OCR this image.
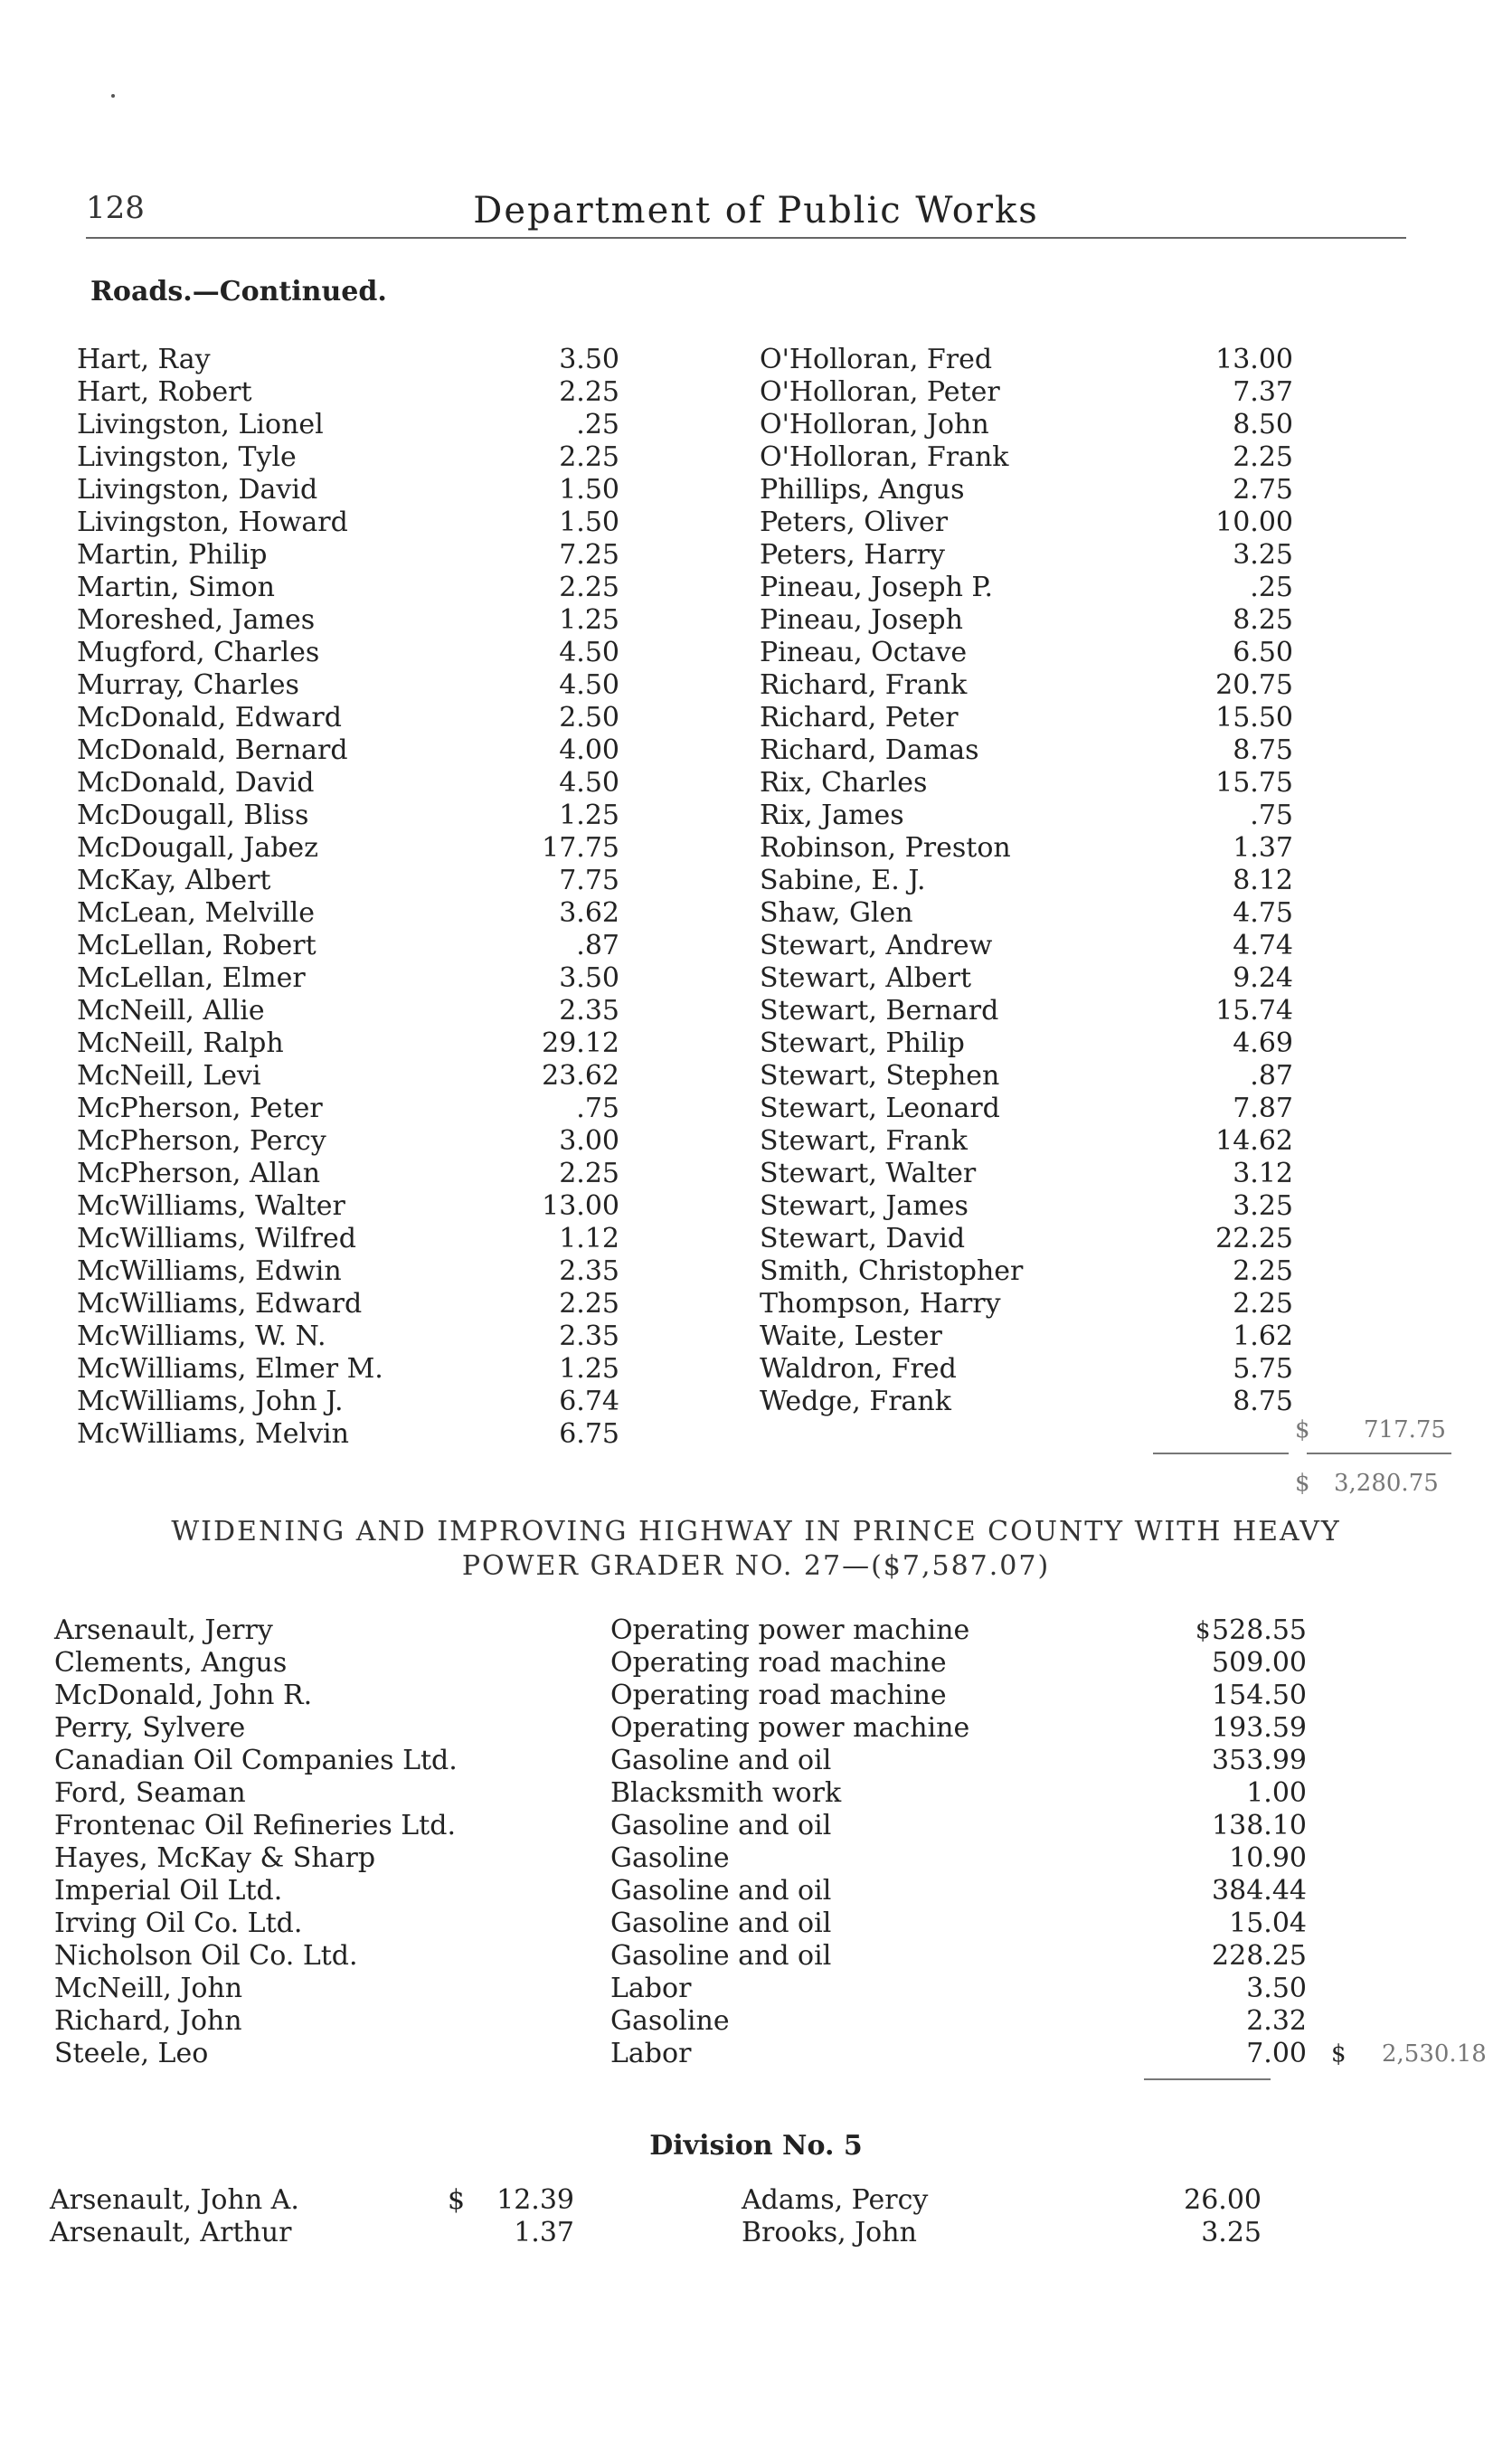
128	Department of Public Works
Roads.—Continued.
Hart, Ray	3.50
Hart, Robert	2.25
Livingston, Lionel	.25
Livingston, Tyle	2.25
Livingston, David	1.50
Livingston, Howard	1.50
Martin, Philip	7.25
Martin, Simon	2.25
Moreshed, James	1.25
Mugford, Charles	4.50
Murray, Charles	4.50
McDonald, Edward	2.50
McDonald, Bernard	4.00
McDonald, David	4.50
McDougall, Bliss	1.25
McDougall, Jabez	17.75
McKay, Albert	7.75
McLean, Melville	3.62
McLellan, Robert	.87
McLellan, Elmer	3.50
McNeill, Allie	2.35
McNeill, Ralph	29.12
McNeill, Levi	23.62
McPherson, Peter	.75
McPherson, Percy	3.00
McPherson, Allan	2.25
McWilliams, Walter	13.00
McWilliams, Wilfred	1.12
McWilliams, Edwin	2.35
McWilliams, Edward	2.25
McWilliams, W. N.	2.35
McWilliams, Elmer M.	1.25
McWilliams, John J.	6.74
McWilliams, Melvin	6.75
O'Holloran, Fred	13.00
O'Holloran, Peter	7.37
O'Holloran, John	8.50
O'Holloran, Frank	2.25
Phillips, Angus	2.75
Peters, Oliver	10.00
Peters, Harry	3.25
Pineau, Joseph P.	.25
Pineau, Joseph	8.25
Pineau, Octave	6.50
Richard, Frank	20.75
Richard, Peter	15.50
Richard, Damas	8.75
Rix, Charles	15.75
Rix, James	.75
Robinson, Preston	1.37
Sabine, E. J.	8.12
Shaw, Glen	4.75
Stewart, Andrew	4.74
Stewart, Albert	9.24
Stewart, Bernard	15.74
Stewart, Philip	4.69
Stewart, Stephen	.87
Stewart, Leonard	7.87
Stewart, Frank	14.62
Stewart, Walter	3.12
Stewart, James	3.25
Stewart, David	22.25
Smith, Christopher	2.25
Thompson, Harry	2.25
Waite, Lester	1.62
Waldron, Fred	5.75
Wedge, Frank	8.75
$ 717.75
$ 3,280.75
WIDENING AND IMPROVING HIGHWAY IN PRINCE COUNTY WITH HEAVY
POWER GRADER NO. 27—($7,587.07)
Arsenault, Jerry	Operating power machine	$ 528.55
Clements, Angus	Operating road machine	509.00
McDonald, John R.	Operating road machine	154.50
Perry, Sylvere	Operating power machine	193.59
Canadian Oil Companies Ltd.	Gasoline and oil	353.99
Ford, Seaman	Blacksmith work	1.00
Frontenac Oil Refineries Ltd.	Gasoline and oil	138.10
Hayes, McKay & Sharp	Gasoline	10.90
Imperial Oil Ltd.	Gasoline and oil	384.44
Irving Oil Co. Ltd.	Gasoline and oil	15.04
Nicholson Oil Co. Ltd.	Gasoline and oil	228.25
McNeill, John	Labor	3.50
Richard, John	Gasoline	2.32
Steele, Leo	Labor	7.00 $ 2,530.18
Division No. 5
Arsenault, John A.	$	12.39
Arsenault, Arthur	1.37
Adams, Percy	26.00
Brooks, John	3.25
